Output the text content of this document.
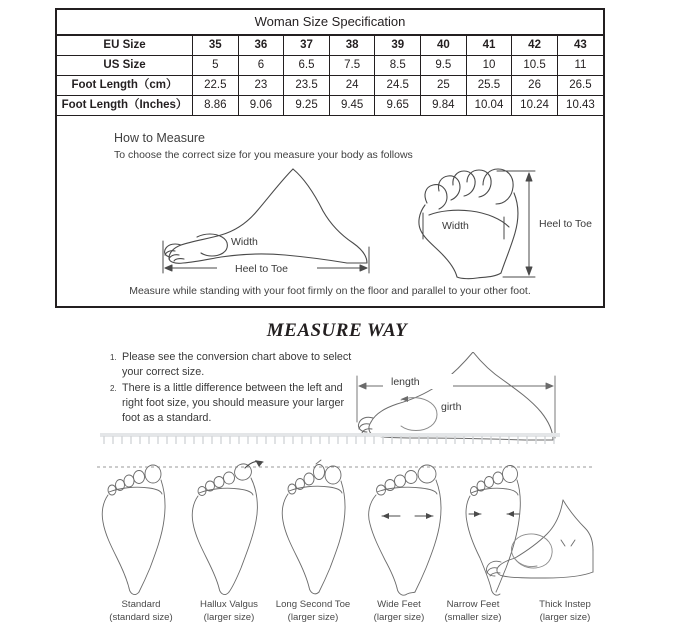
Woman Size Specification
EU Size	35	36	37	38	39	40	41	42	43
US Size	5	6	6.5	7.5	8.5	9.5	10	10.5	11
Foot Length（cm）	22.5	23	23.5	24	24.5	25	25.5	26	26.5
Foot Length（Inches）	8.86	9.06	9.25	9.45	9.65	9.84	10.04	10.24	10.43
How to Measure
To choose the correct size for you measure your body as follows
Width
Heel to Toe
Width	Heel to Toe
Measure while standing with your foot firmly on the floor and parallel to your other foot.
MEASURE WAY
1. Please see the conversion chart above to select your correct size.
2. There is a little difference between the left and right foot size, you should measure your larger foot as a standard.
length
girth
Standard
(standard size)
Hallux Valgus
(larger size)
Long Second Toe
(larger size)
Wide Feet
(larger size)
Narrow Feet
(smaller size)
Thick Instep
(larger size)
